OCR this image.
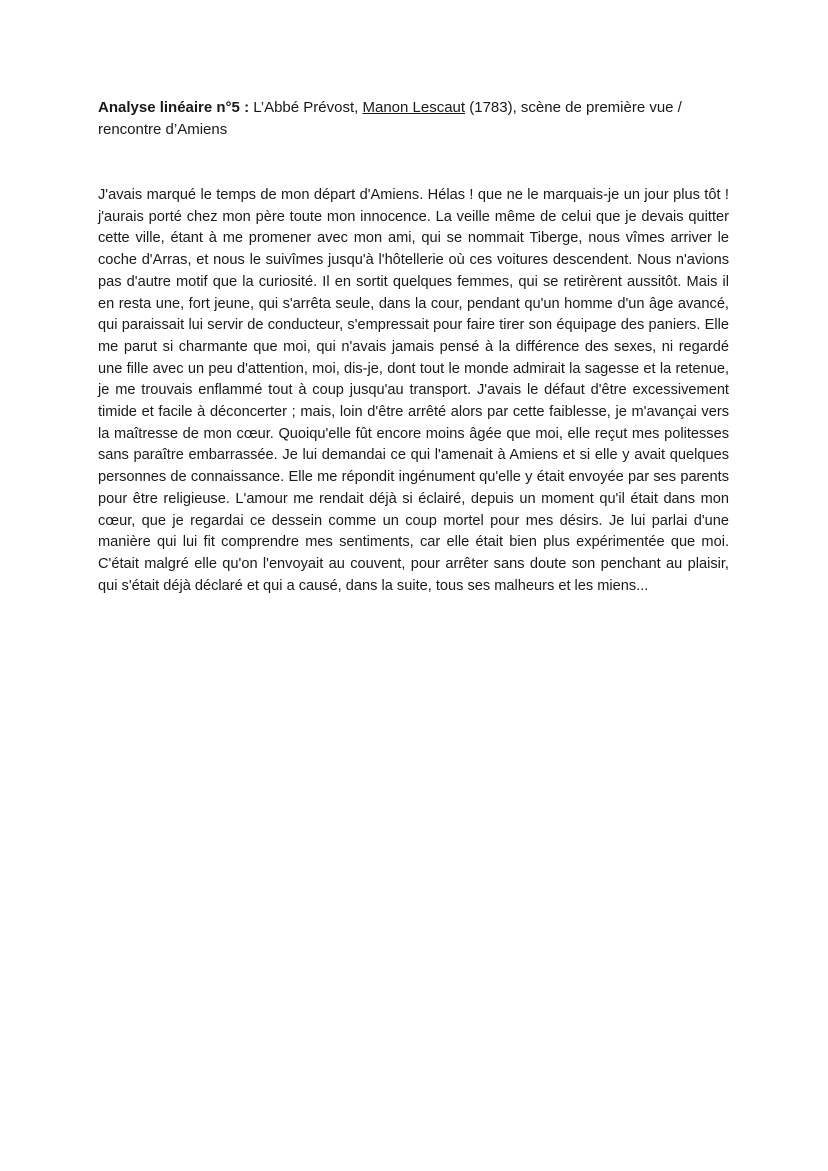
Analyse linéaire n°5 : L’Abbé Prévost, Manon Lescaut (1783), scène de première vue / rencontre d’Amiens

J'avais marqué le temps de mon départ d'Amiens. Hélas ! que ne le marquais-je un jour plus tôt ! j'aurais porté chez mon père toute mon innocence. La veille même de celui que je devais quitter cette ville, étant à me promener avec mon ami, qui se nommait Tiberge, nous vîmes arriver le coche d'Arras, et nous le suivîmes jusqu'à l'hôtellerie où ces voitures descendent. Nous n'avions pas d'autre motif que la curiosité. Il en sortit quelques femmes, qui se retirèrent aussitôt. Mais il en resta une, fort jeune, qui s'arrêta seule, dans la cour, pendant qu'un homme d'un âge avancé, qui paraissait lui servir de conducteur, s'empressait pour faire tirer son équipage des paniers. Elle me parut si charmante que moi, qui n'avais jamais pensé à la différence des sexes, ni regardé une fille avec un peu d'attention, moi, dis-je, dont tout le monde admirait la sagesse et la retenue, je me trouvais enflammé tout à coup jusqu'au transport. J'avais le défaut d'être excessivement timide et facile à déconcerter ; mais, loin d'être arrêté alors par cette faiblesse, je m'avançai vers la maîtresse de mon cœur. Quoiqu'elle fût encore moins âgée que moi, elle reçut mes politesses sans paraître embarrassée. Je lui demandai ce qui l'amenait à Amiens et si elle y avait quelques personnes de connaissance. Elle me répondit ingénument qu'elle y était envoyée par ses parents pour être religieuse. L'amour me rendait déjà si éclairé, depuis un moment qu'il était dans mon cœur, que je regardai ce dessein comme un coup mortel pour mes désirs. Je lui parlai d'une manière qui lui fit comprendre mes sentiments, car elle était bien plus expérimentée que moi. C'était malgré elle qu'on l'envoyait au couvent, pour arrêter sans doute son penchant au plaisir, qui s'était déjà déclaré et qui a causé, dans la suite, tous ses malheurs et les miens...
